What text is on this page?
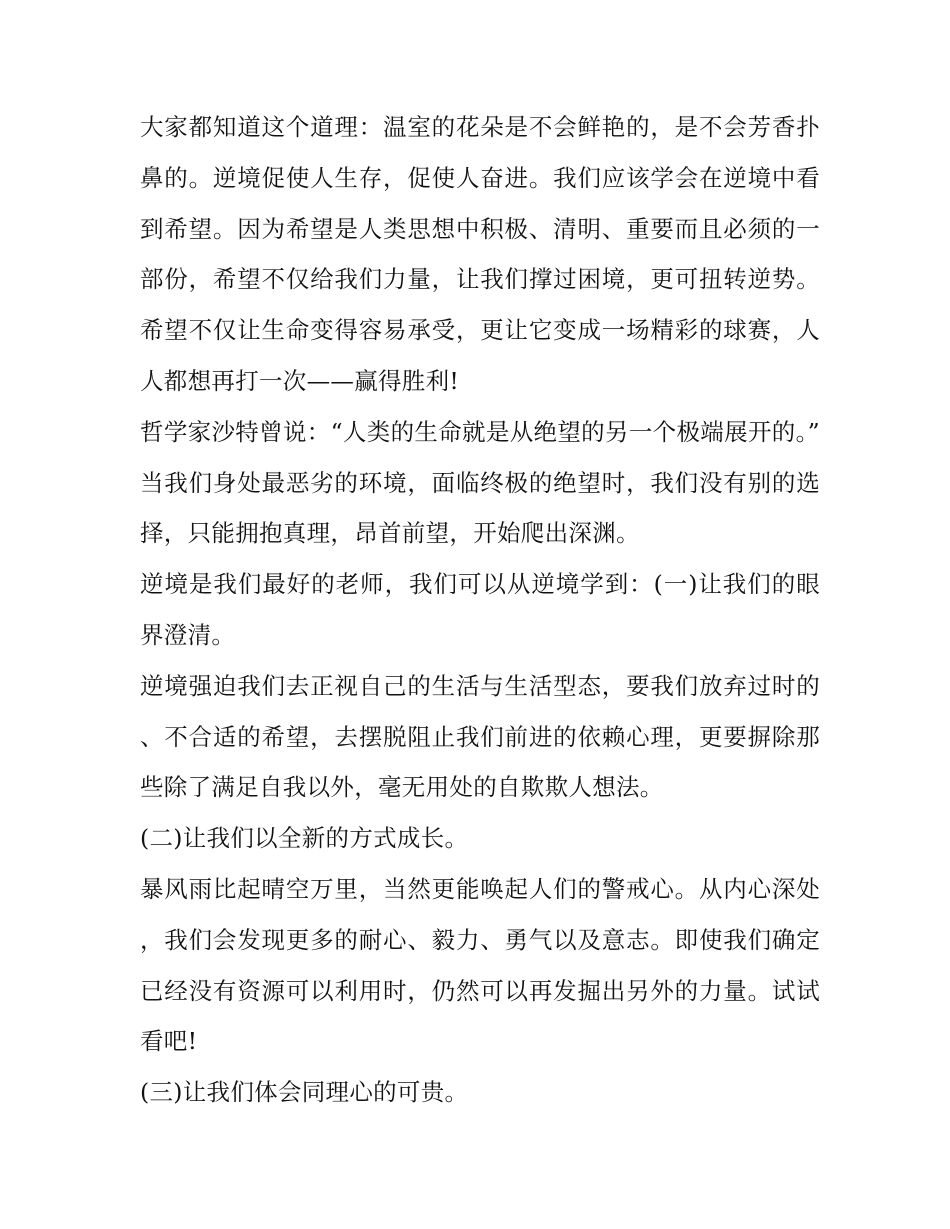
大家都知道这个道理：温室的花朵是不会鲜艳的，是不会芳香扑鼻的。逆境促使人生存，促使人奋进。我们应该学会在逆境中看到希望。因为希望是人类思想中积极、清明、重要而且必须的一部份，希望不仅给我们力量，让我们撑过困境，更可扭转逆势。希望不仅让生命变得容易承受，更让它变成一场精彩的球赛，人人都想再打一次——赢得胜利!

哲学家沙特曾说：“人类的生命就是从绝望的另一个极端展开的。”当我们身处最恶劣的环境，面临终极的绝望时，我们没有别的选择，只能拥抱真理，昂首前望，开始爬出深渊。

逆境是我们最好的老师，我们可以从逆境学到：(一)让我们的眼界澄清。

逆境强迫我们去正视自己的生活与生活型态，要我们放弃过时的、不合适的希望，去摆脱阻止我们前进的依赖心理，更要摒除那些除了满足自我以外，毫无用处的自欺欺人想法。

(二)让我们以全新的方式成长。

暴风雨比起晴空万里，当然更能唤起人们的警戒心。从内心深处，我们会发现更多的耐心、毅力、勇气以及意志。即使我们确定已经没有资源可以利用时，仍然可以再发掘出另外的力量。试试看吧!

(三)让我们体会同理心的可贵。
